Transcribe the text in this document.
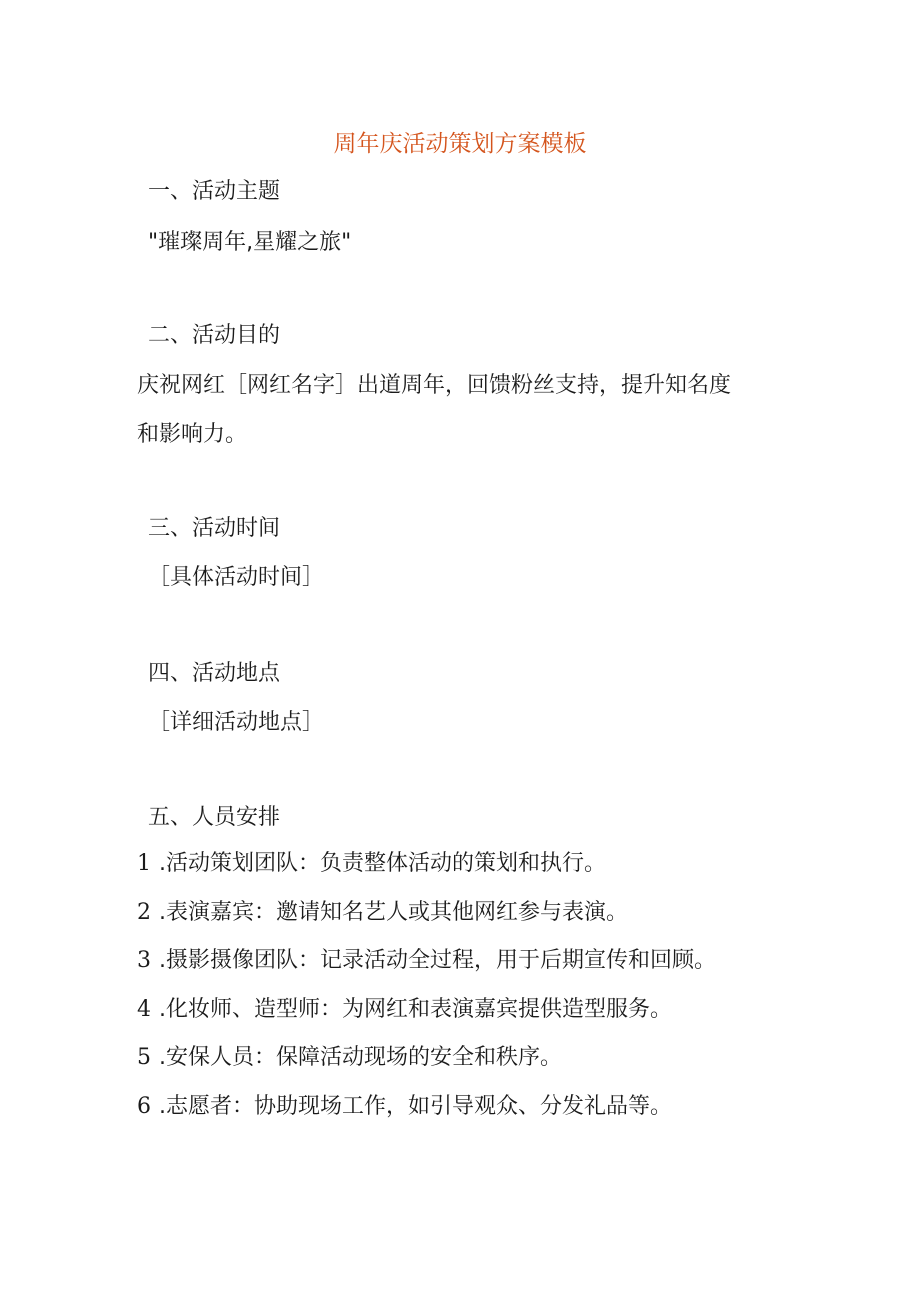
周年庆活动策划方案模板
一、活动主题
"璀璨周年,星耀之旅"
二、活动目的
庆祝网红［网红名字］出道周年，回馈粉丝支持，提升知名度
和影响力。
三、活动时间
［具体活动时间］
四、活动地点
［详细活动地点］
五、人员安排
1 .活动策划团队：负责整体活动的策划和执行。
2 .表演嘉宾：邀请知名艺人或其他网红参与表演。
3 .摄影摄像团队：记录活动全过程，用于后期宣传和回顾。
4 .化妆师、造型师：为网红和表演嘉宾提供造型服务。
5 .安保人员：保障活动现场的安全和秩序。
6 .志愿者：协助现场工作，如引导观众、分发礼品等。
